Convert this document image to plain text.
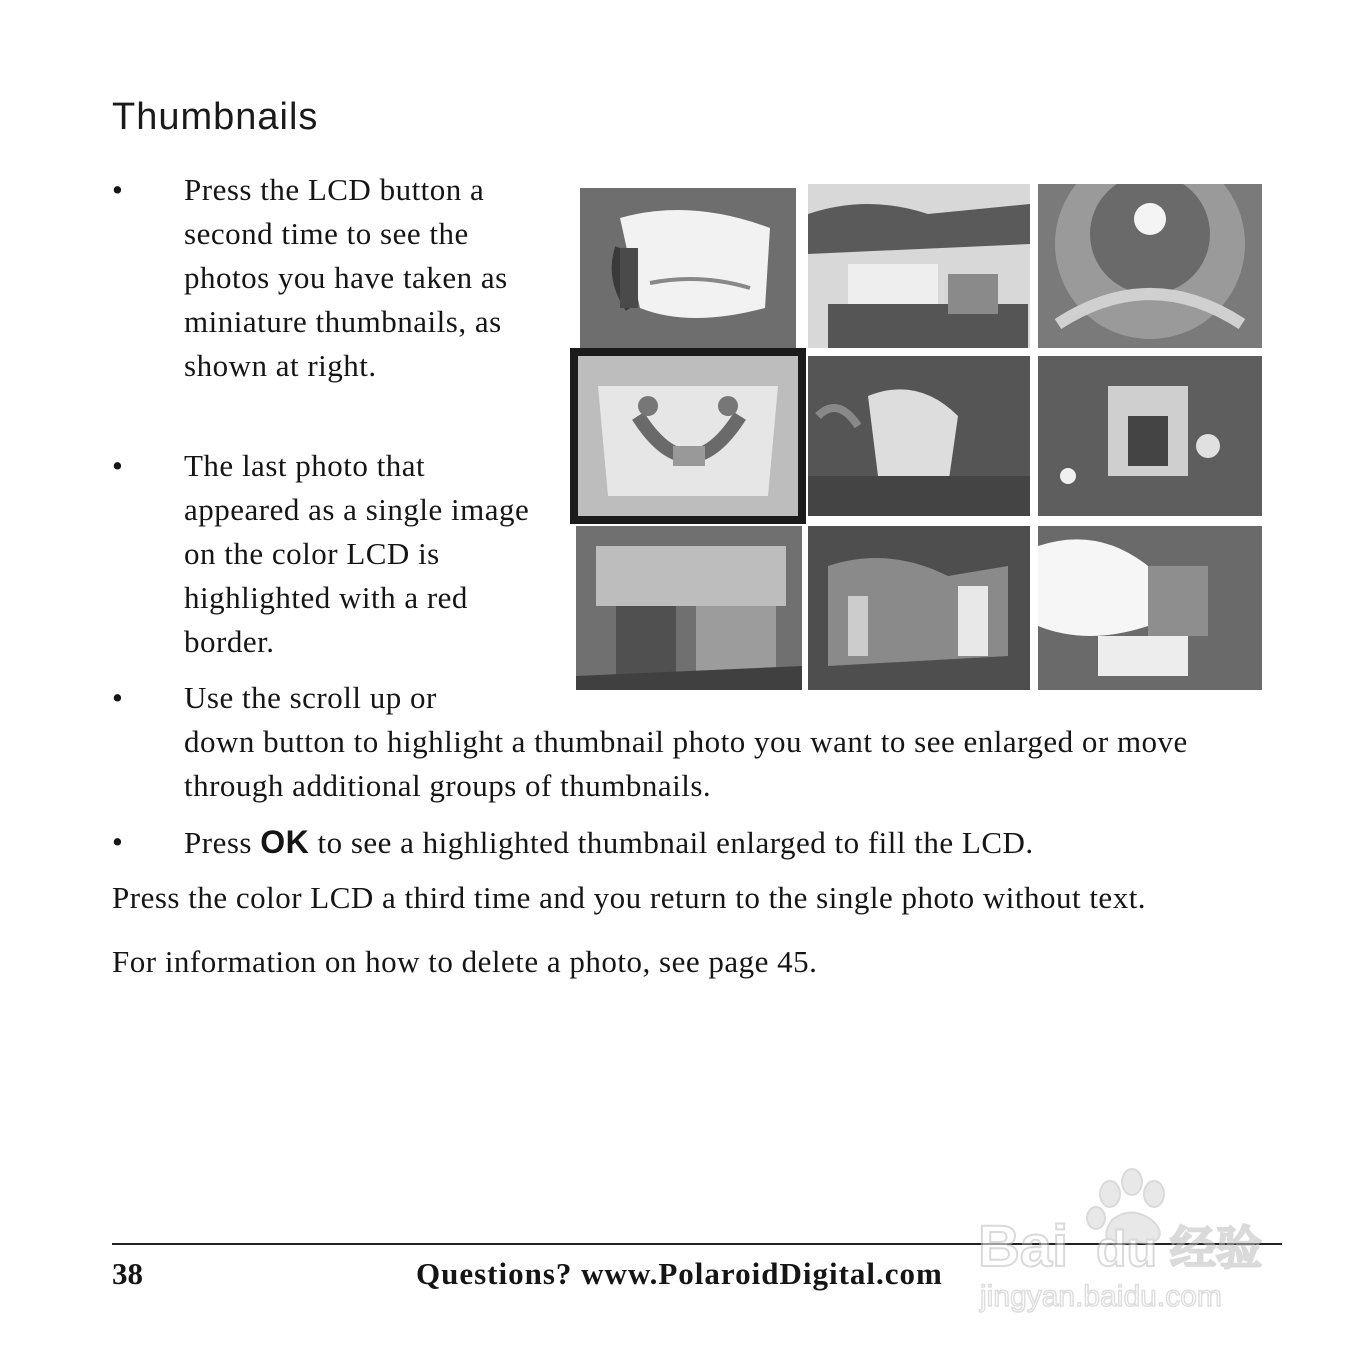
Thumbnails
• Press the LCD button a second time to see the photos you have taken as miniature thumbnails, as shown at right.
• The last photo that appeared as a single image on the color LCD is highlighted with a red border.
• Use the scroll up or
down button to highlight a thumbnail photo you want to see enlarged or move through additional groups of thumbnails.
• Press OK to see a highlighted thumbnail enlarged to fill the LCD.
Press the color LCD a third time and you return to the single photo without text.
For information on how to delete a photo, see page 45.
38	Questions? www.PolaroidDigital.com Bai du 经验
jingyan.baidu.com
